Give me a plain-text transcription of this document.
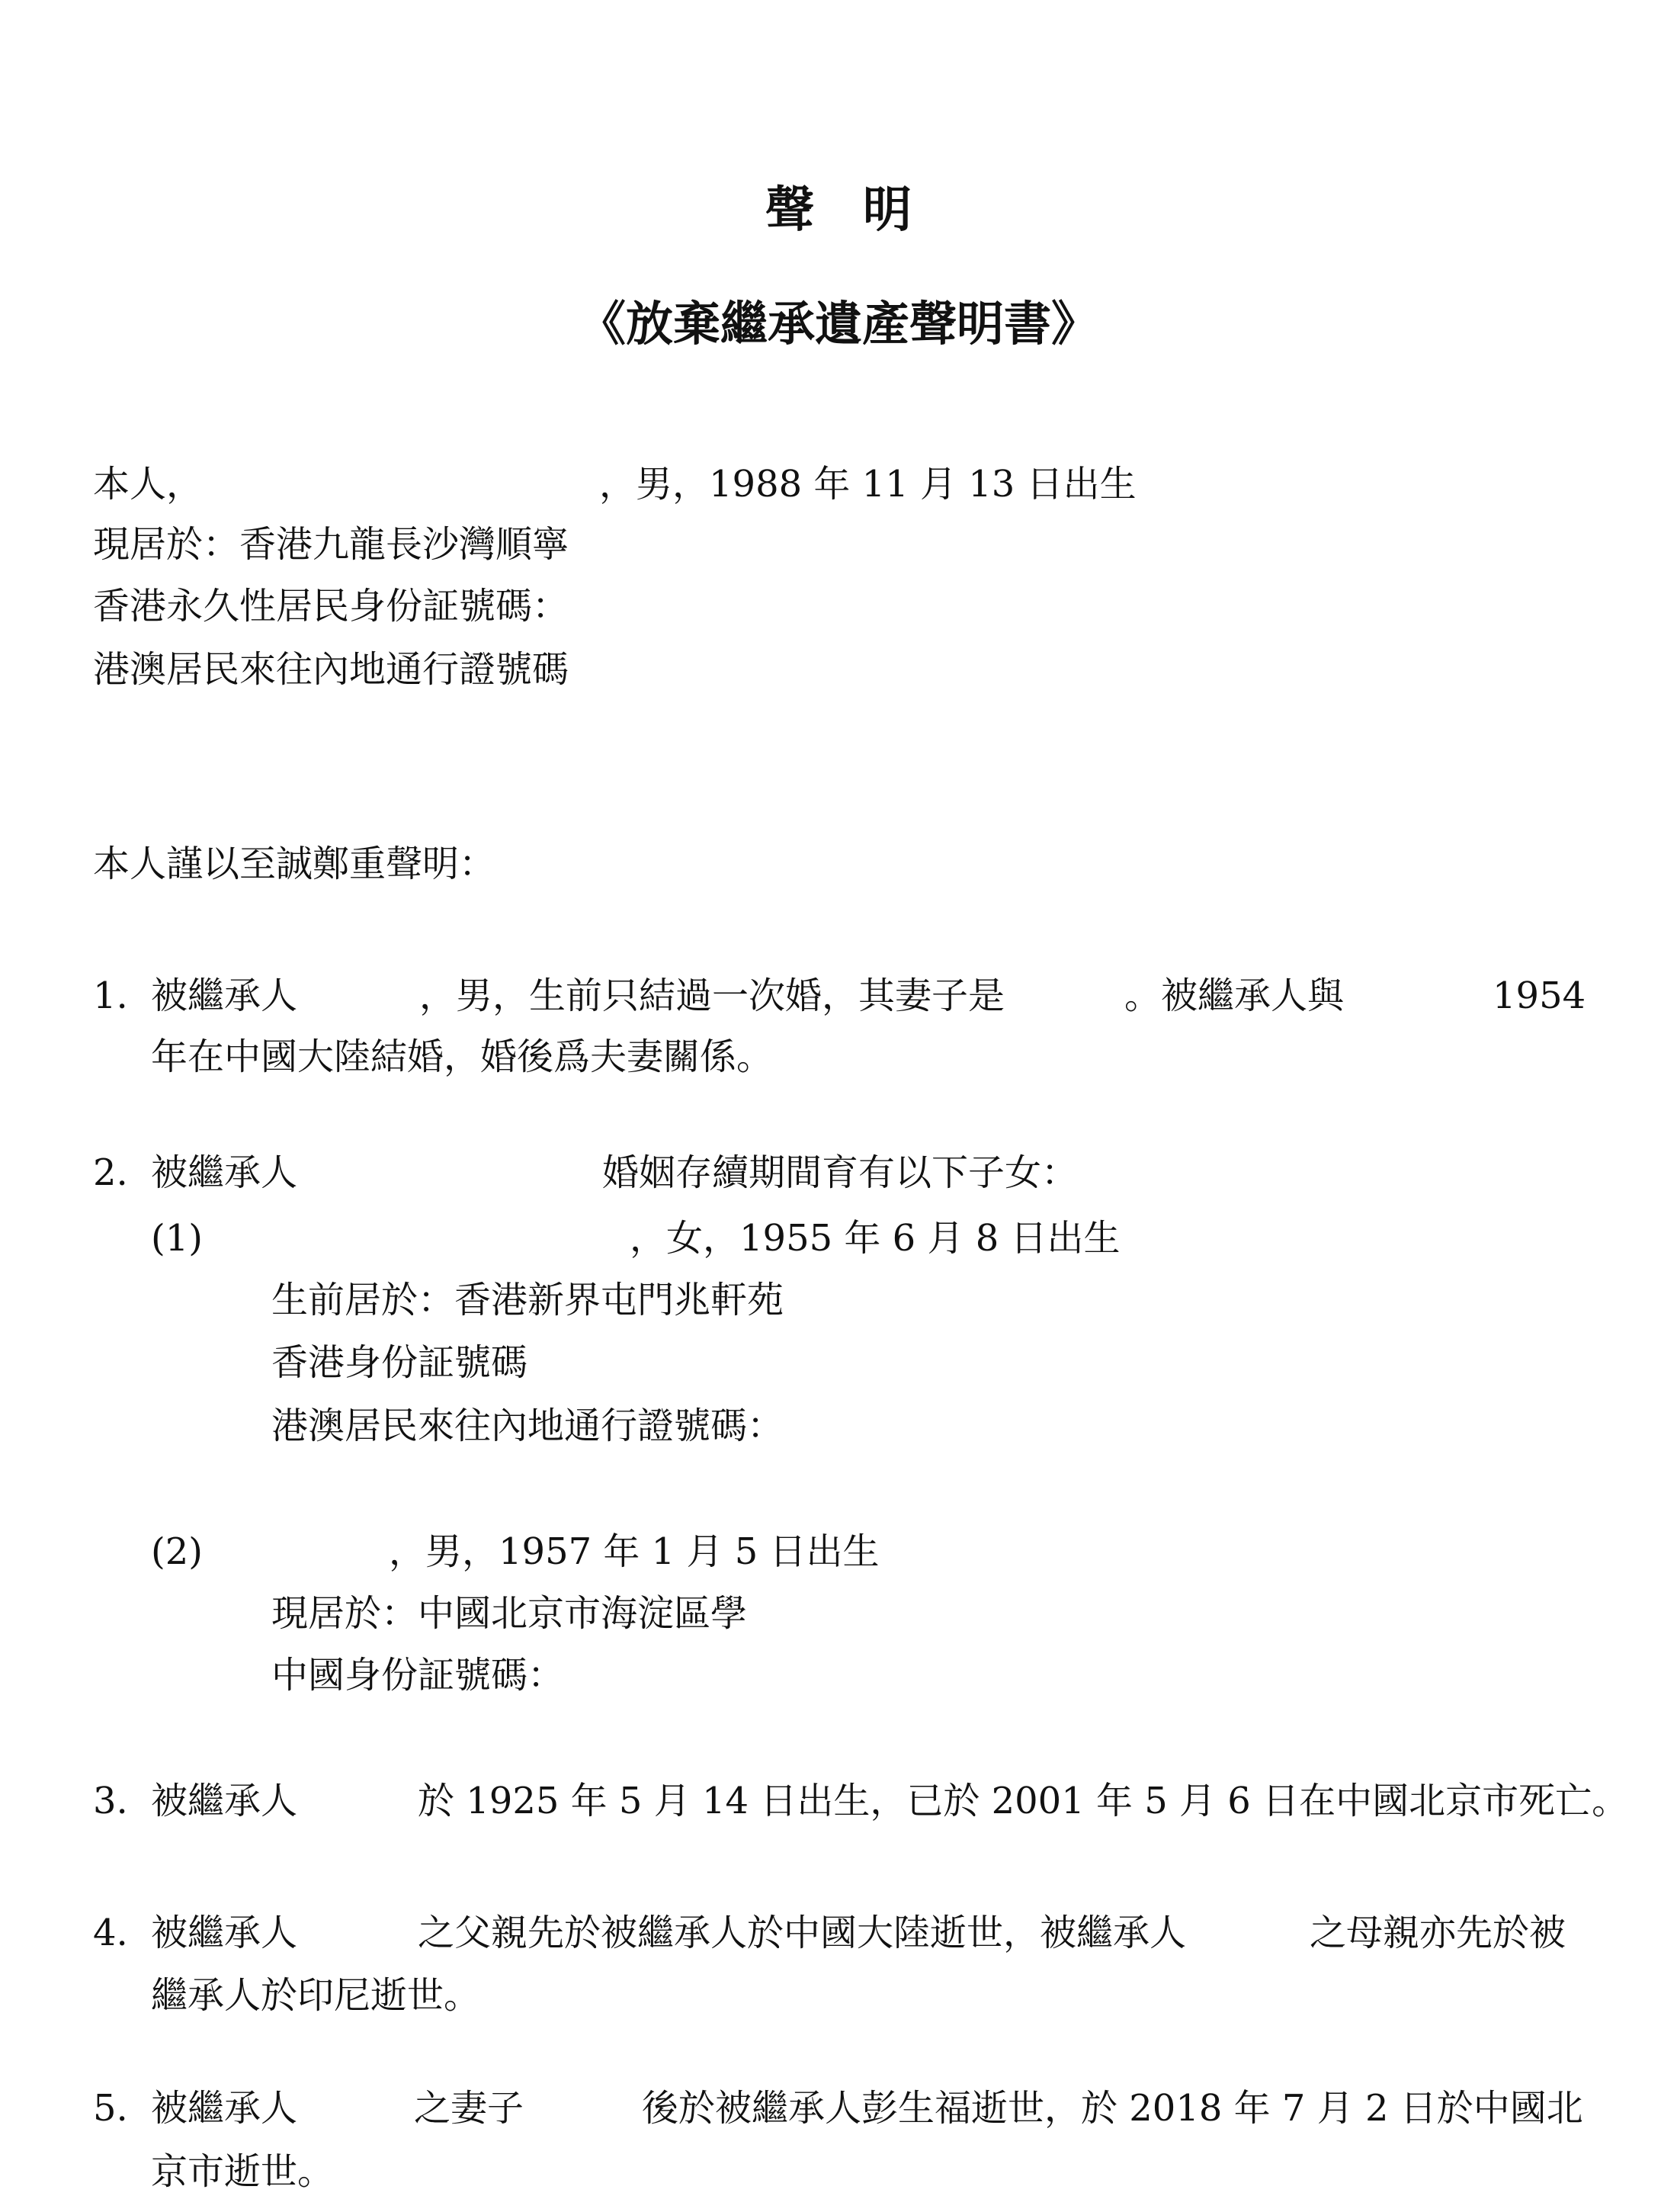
聲　明
《放棄繼承遺產聲明書》
本人，	，男，1988 年 11 月 13 日出生
現居於：香港九龍長沙灣順寧
香港永久性居民身份証號碼：
港澳居民來往內地通行證號碼
本人謹以至誠鄭重聲明：
1. 被繼承人	，男，生前只結過一次婚，其妻子是	。被繼承人與	1954
年在中國大陸結婚，婚後爲夫妻關係。
2. 被繼承人	婚姻存續期間育有以下子女：
(1)	，女，1955 年 6 月 8 日出生
生前居於：香港新界屯門兆軒苑
香港身份証號碼
港澳居民來往內地通行證號碼：
(2)	，男，1957 年 1 月 5 日出生
現居於：中國北京市海淀區學
中國身份証號碼：
3. 被繼承人	於 1925 年 5 月 14 日出生，已於 2001 年 5 月 6 日在中國北京市死亡。
4. 被繼承人	之父親先於被繼承人於中國大陸逝世，被繼承人	之母親亦先於被
繼承人於印尼逝世。
5. 被繼承人	之妻子	後於被繼承人彭生福逝世，於 2018 年 7 月 2 日於中國北
京市逝世。
